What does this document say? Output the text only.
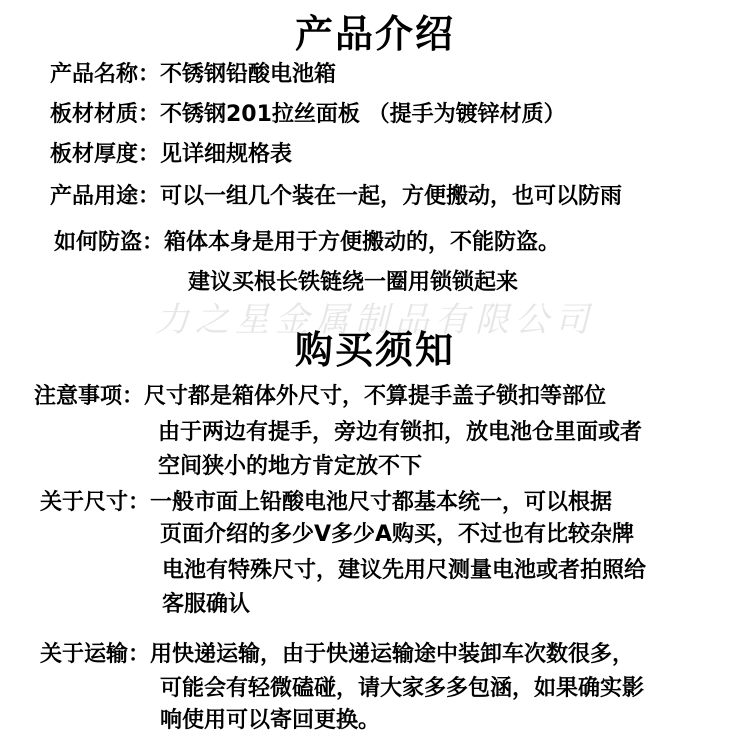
产品介绍
产品名称：不锈钢铅酸电池箱
板材材质：不锈钢201拉丝面板 （提手为镀锌材质）
板材厚度：见详细规格表
产品用途：可以一组几个装在一起，方便搬动，也可以防雨
如何防盗：箱体本身是用于方便搬动的，不能防盗。
建议买根长铁链绕一圈用锁锁起来
力之星金属制品有限公司
购买须知
注意事项：尺寸都是箱体外尺寸，不算提手盖子锁扣等部位
由于两边有提手，旁边有锁扣，放电池仓里面或者
空间狭小的地方肯定放不下
关于尺寸：一般市面上铅酸电池尺寸都基本统一，可以根据
页面介绍的多少V多少A购买，不过也有比较杂牌
电池有特殊尺寸，建议先用尺测量电池或者拍照给
客服确认
关于运输：用快递运输，由于快递运输途中装卸车次数很多，
可能会有轻微磕碰，请大家多多包涵，如果确实影
响使用可以寄回更换。
